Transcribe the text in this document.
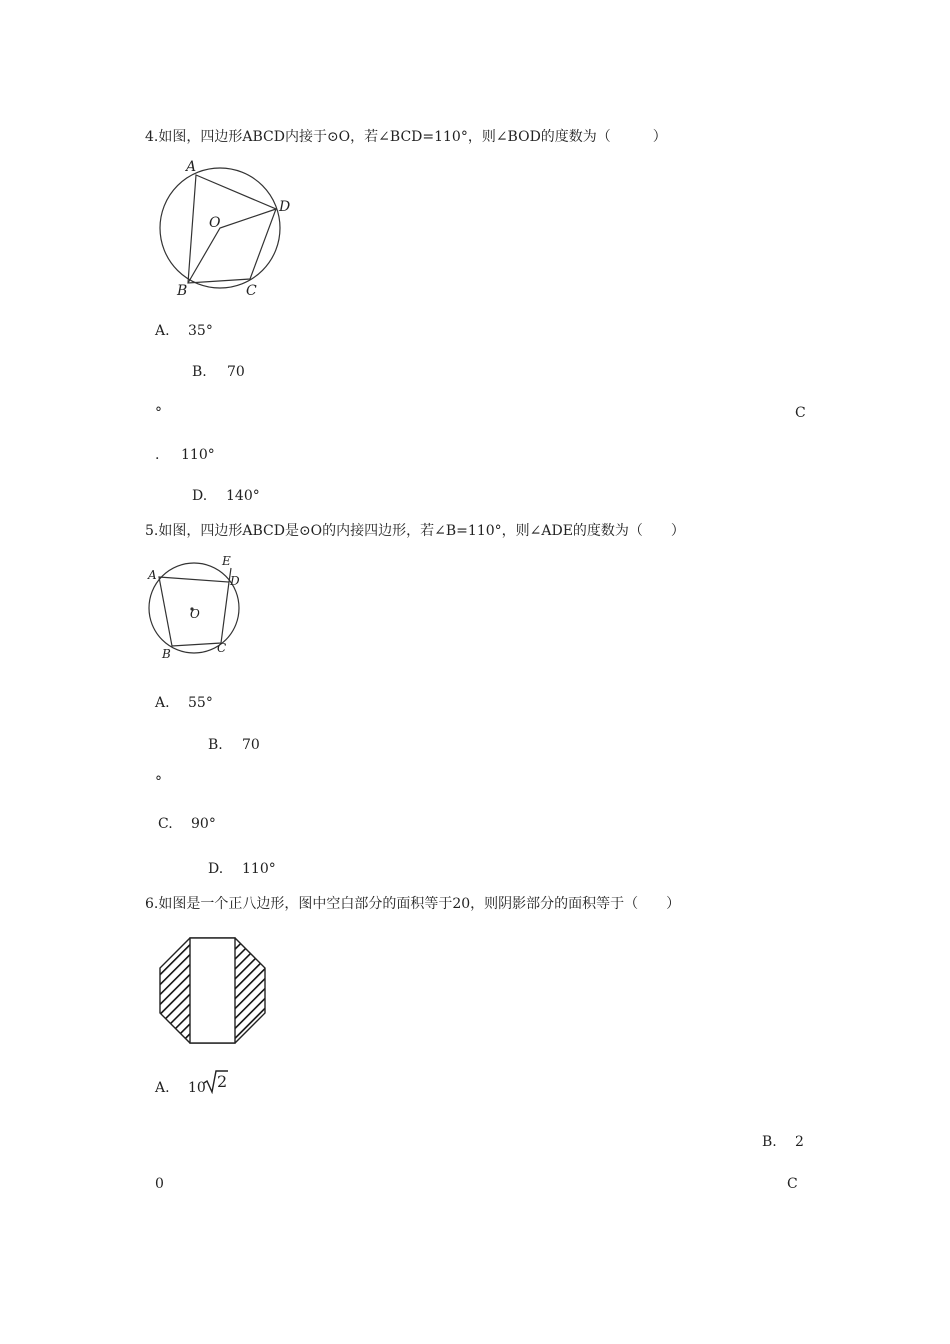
4.如图，四边形ABCD内接于⊙O，若∠BCD=110°，则∠BOD的度数为（　　　）
A
O
D
B	C
A. 35°
B. 70
°	C
. 110°
D. 140°
5.如图，四边形ABCD是⊙O的内接四边形，若∠B=110°，则∠ADE的度数为（　　）
A
E
D
O
B	C
A. 55°
B. 70
°
C. 90°
D. 110°
6.如图是一个正八边形，图中空白部分的面积等于20，则阴影部分的面积等于（　　）
A. 10 2
B. 2
0	C
